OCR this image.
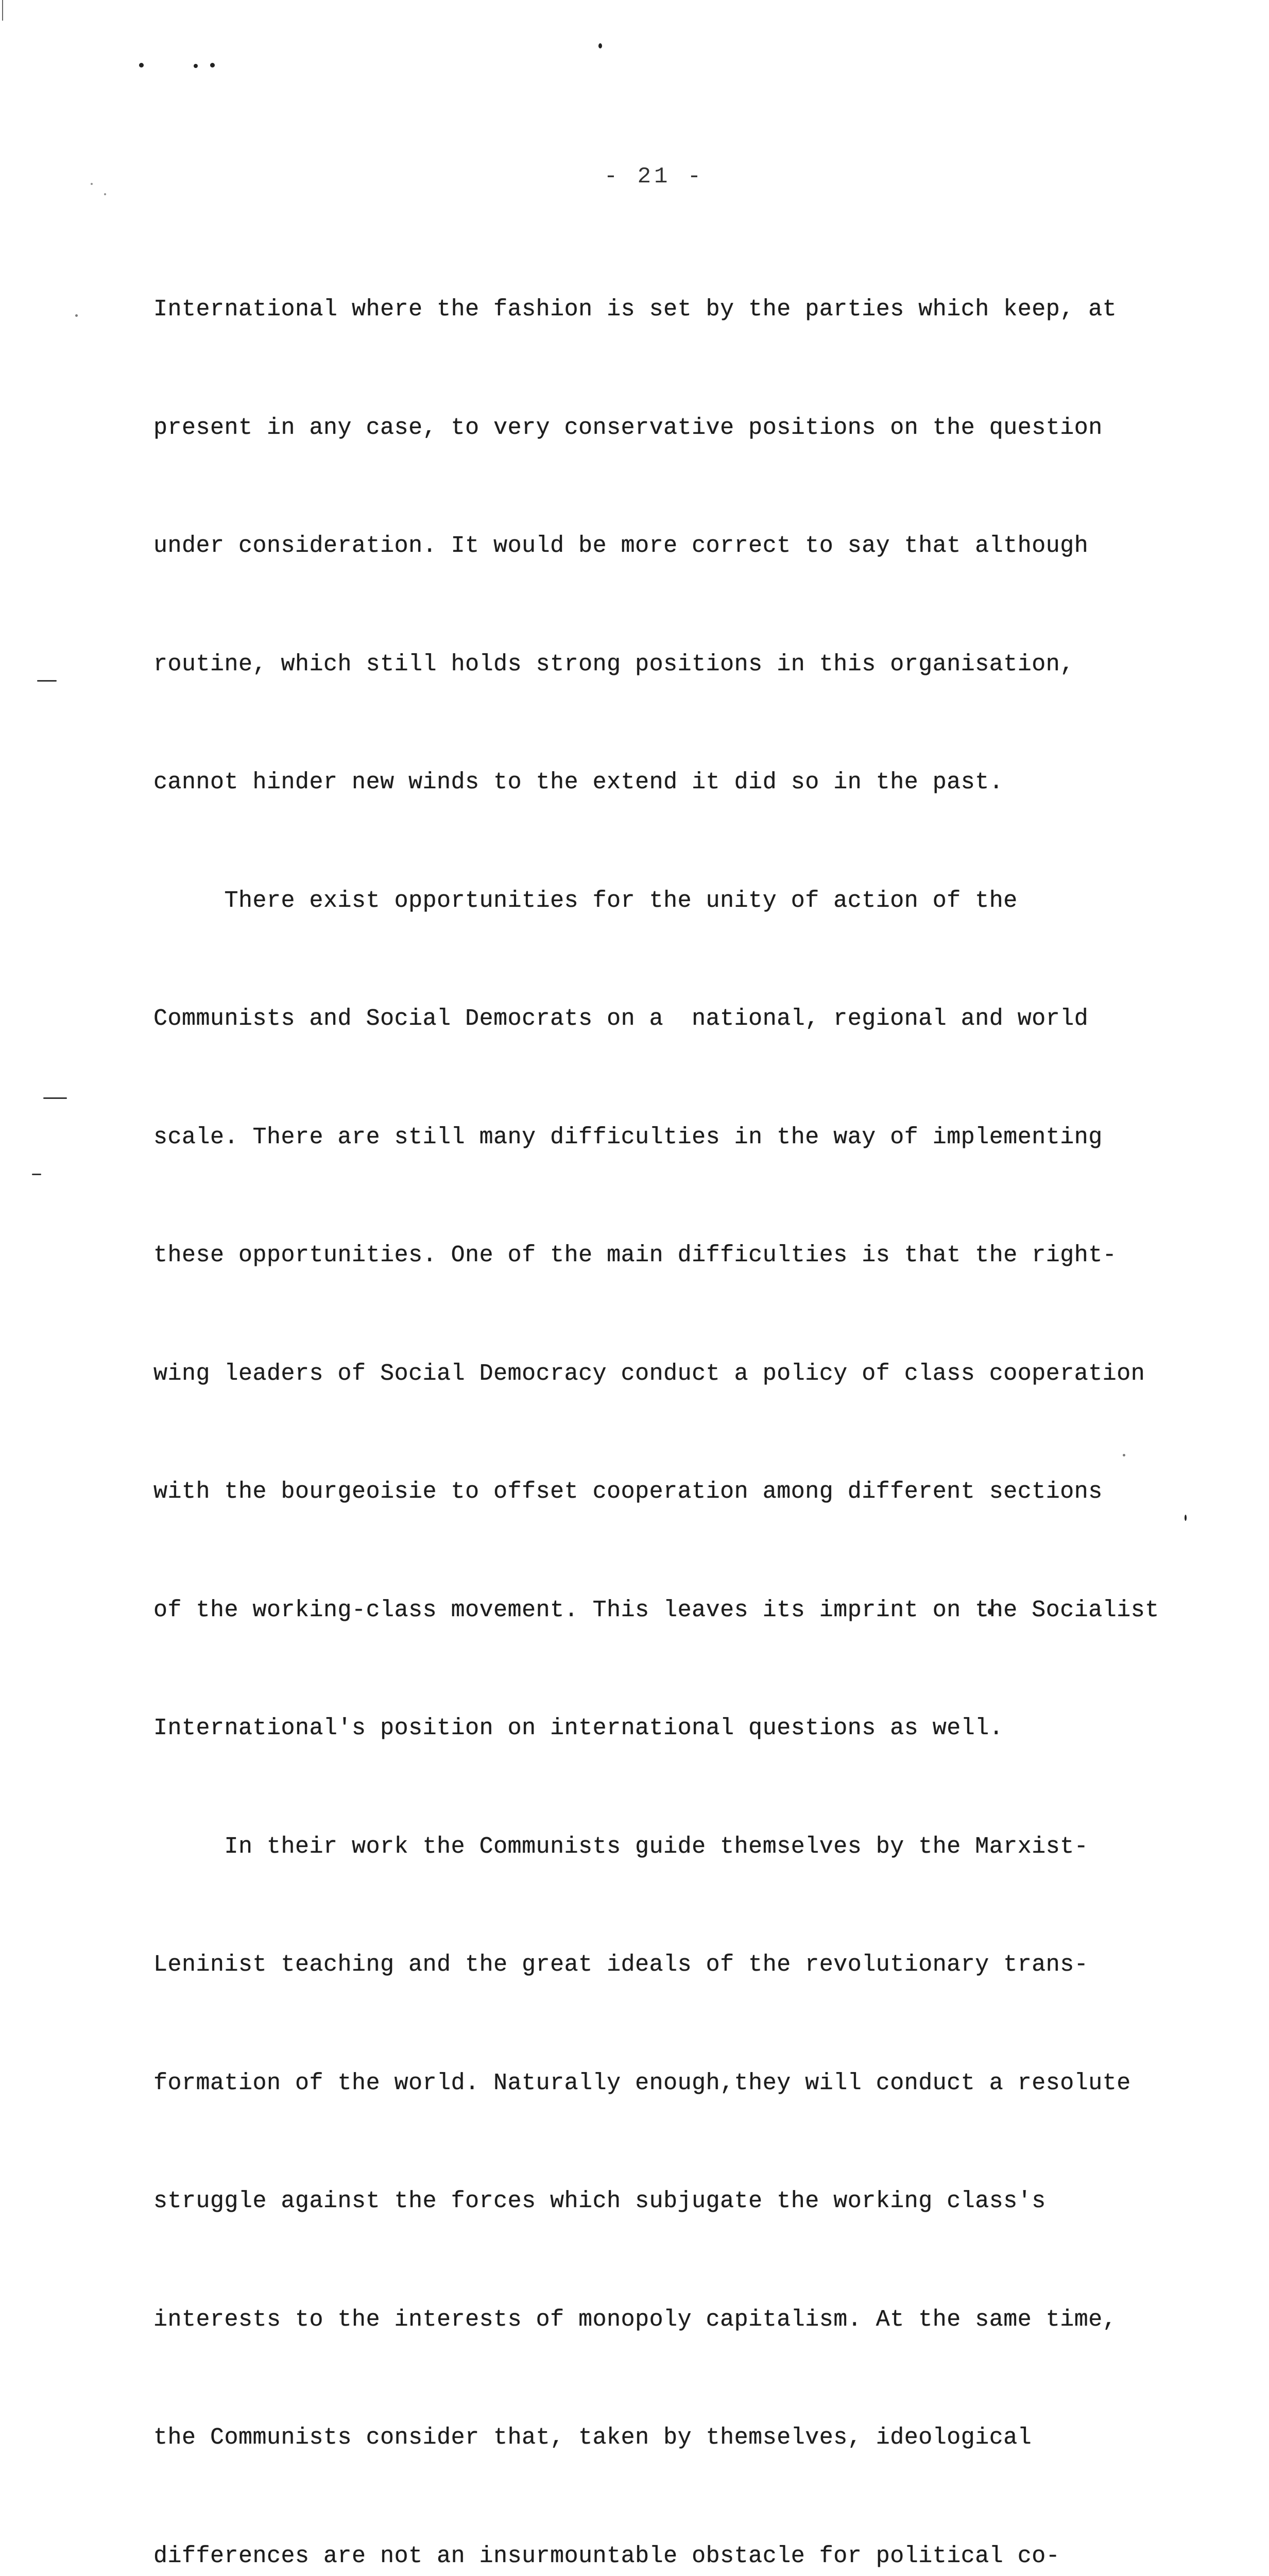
- 21 -

International where the fashion is set by the parties which keep, at

present in any case, to very conservative positions on the question

under consideration. It would be more correct to say that although

routine, which still holds strong positions in this organisation,

cannot hinder new winds to the extend it did so in the past.

There exist opportunities for the unity of action of the

Communists and Social Democrats on a  national, regional and world

scale. There are still many difficulties in the way of implementing

these opportunities. One of the main difficulties is that the right-

wing leaders of Social Democracy conduct a policy of class cooperation

with the bourgeoisie to offset cooperation among different sections

of the working-class movement. This leaves its imprint on the Socialist

International's position on international questions as well.

In their work the Communists guide themselves by the Marxist-

Leninist teaching and the great ideals of the revolutionary trans-

formation of the world. Naturally enough,they will conduct a resolute

struggle against the forces which subjugate the working class's

interests to the interests of monopoly capitalism. At the same time,

the Communists consider that, taken by themselves, ideological

differences are not an insurmountable obstacle for political co-
